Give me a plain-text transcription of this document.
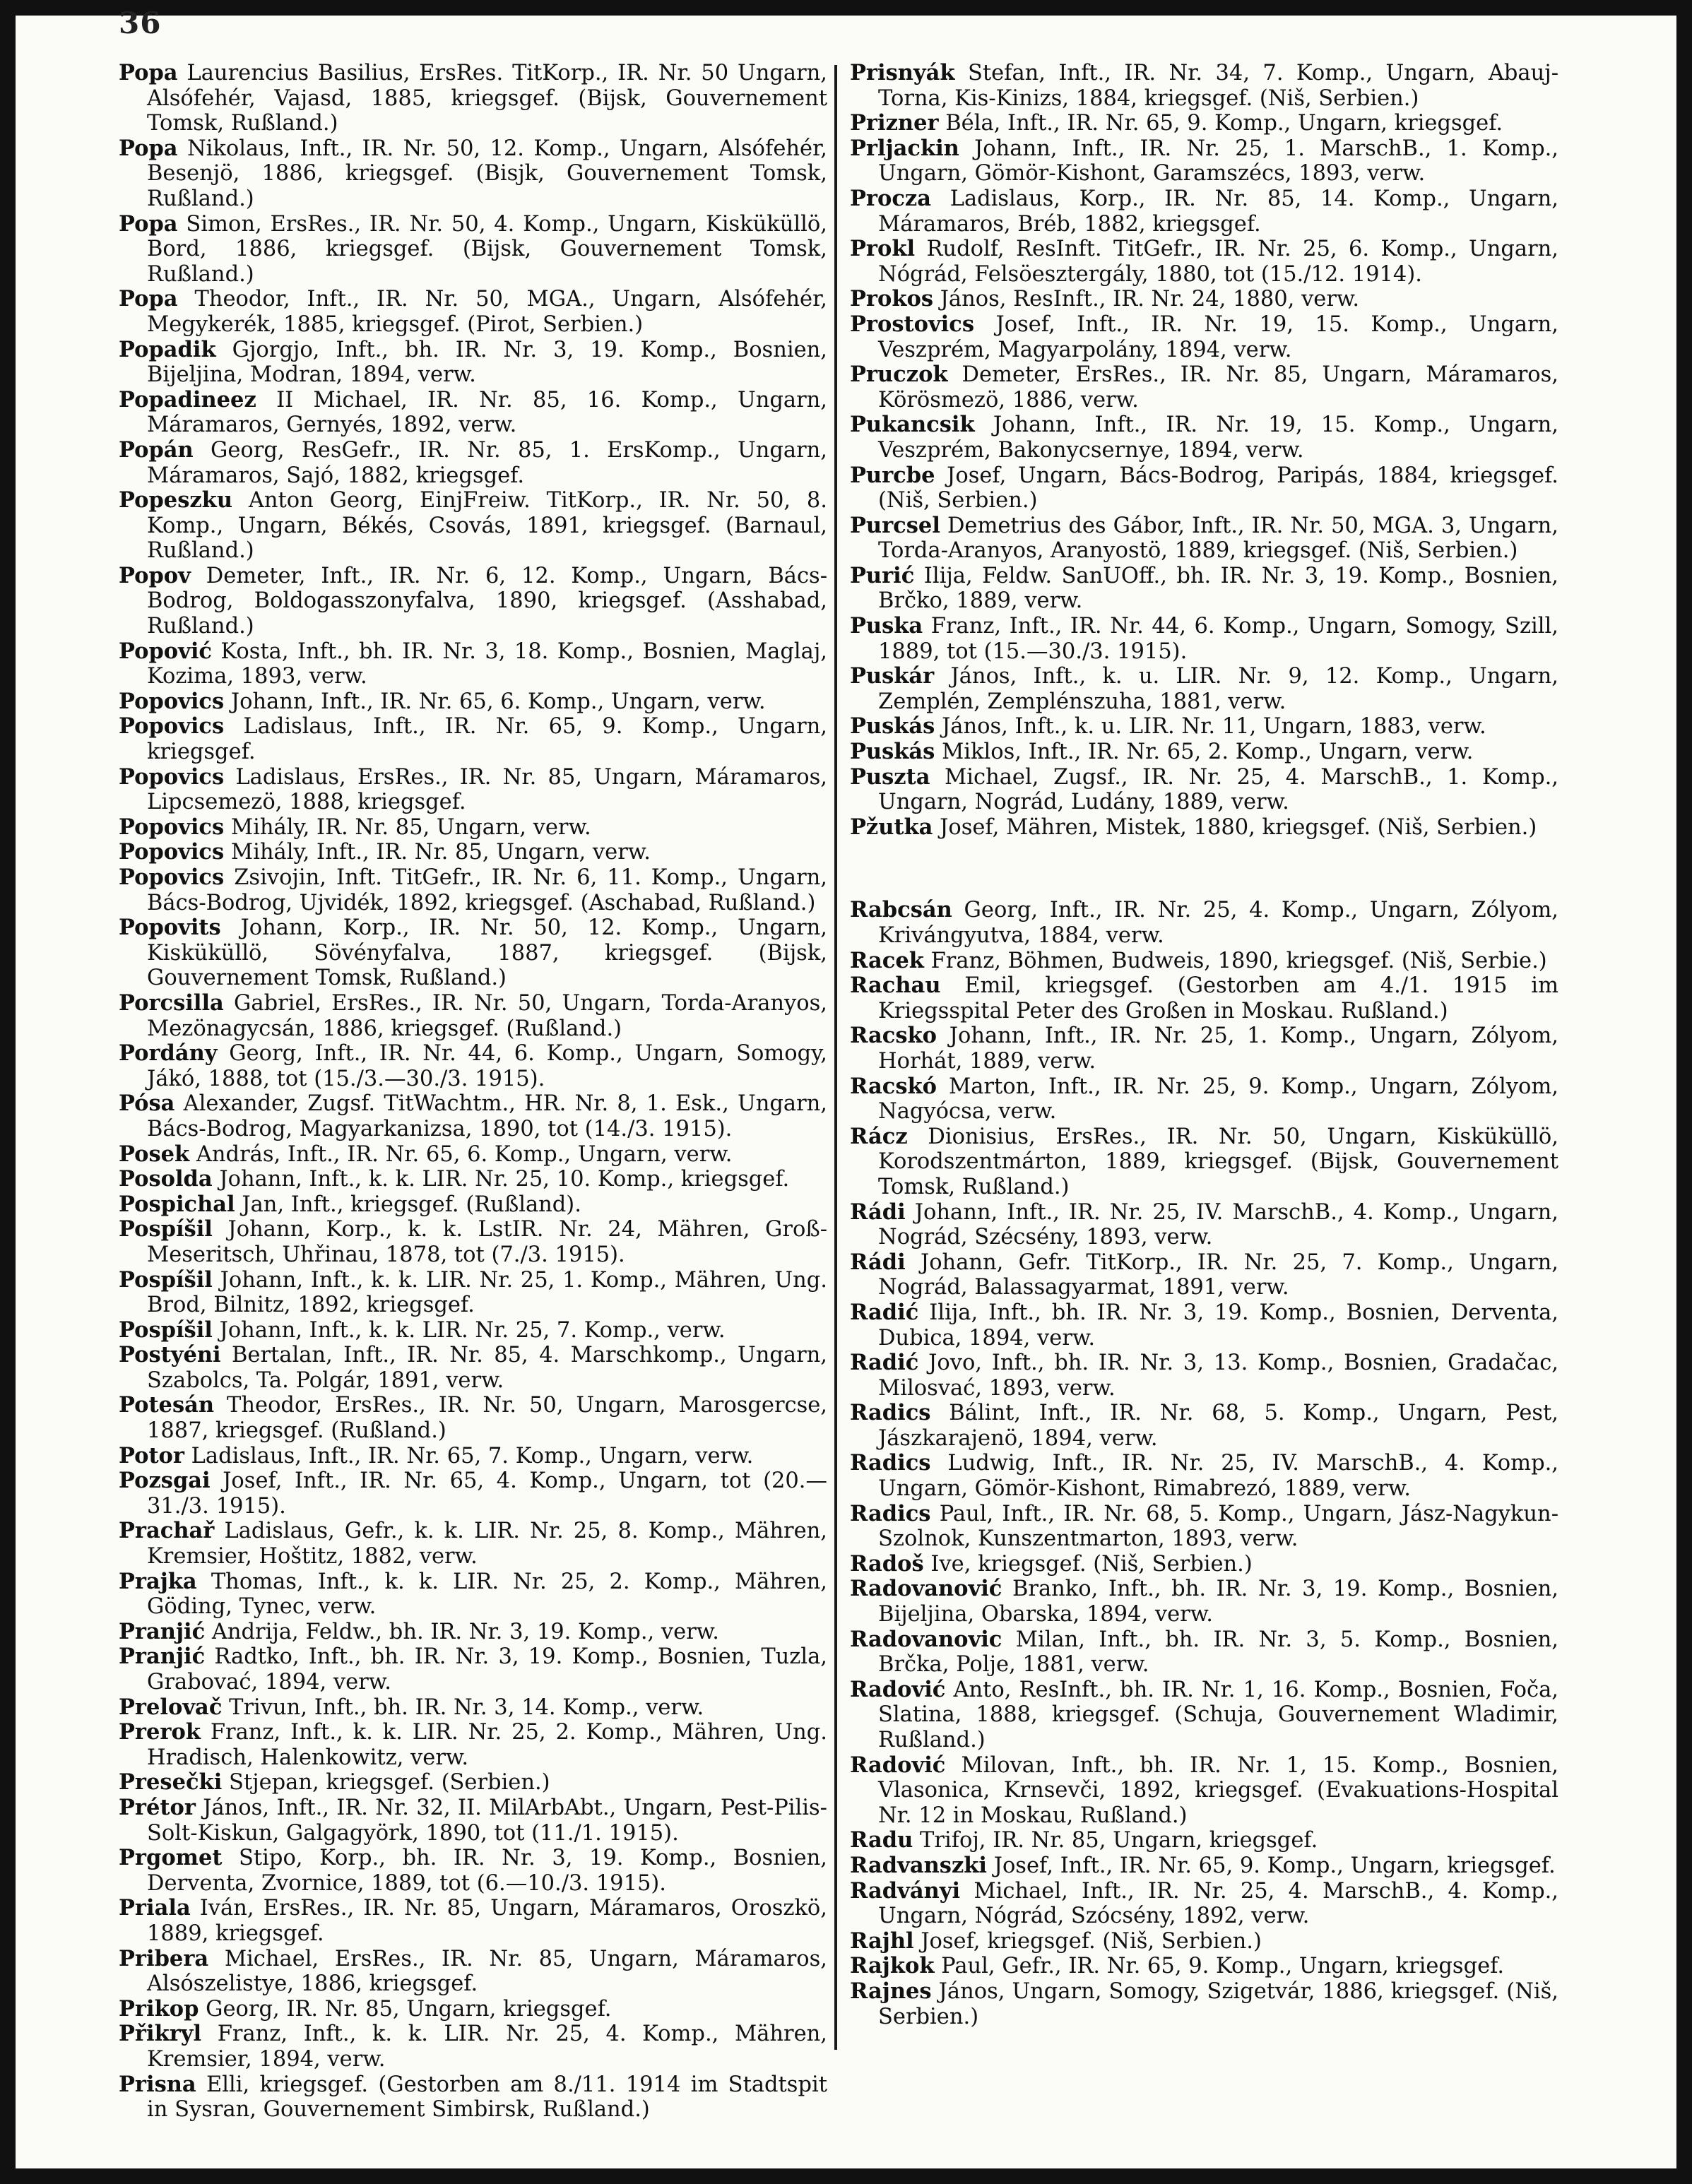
36

Popa Laurencius Basilius, ErsRes. TitKorp., IR. Nr. 50 Ungarn, Alsófehér, Vajasd, 1885, kriegsgef. (Bijsk, Gouvernement Tomsk, Rußland.)

Popa Nikolaus, Inft., IR. Nr. 50, 12. Komp., Ungarn, Alsófehér, Besenjö, 1886, kriegsgef. (Bisjk, Gouvernement Tomsk, Rußland.)

Popa Simon, ErsRes., IR. Nr. 50, 4. Komp., Ungarn, Kisküküllö, Bord, 1886, kriegsgef. (Bijsk, Gouvernement Tomsk, Rußland.)

Popa Theodor, Inft., IR. Nr. 50, MGA., Ungarn, Alsófehér, Megykerék, 1885, kriegsgef. (Pirot, Serbien.)

Popadik Gjorgjo, Inft., bh. IR. Nr. 3, 19. Komp., Bosnien, Bijeljina, Modran, 1894, verw.

Popadineez II Michael, IR. Nr. 85, 16. Komp., Ungarn, Máramaros, Gernyés, 1892, verw.

Popán Georg, ResGefr., IR. Nr. 85, 1. ErsKomp., Ungarn, Máramaros, Sajó, 1882, kriegsgef.

Popeszku Anton Georg, EinjFreiw. TitKorp., IR. Nr. 50, 8. Komp., Ungarn, Békés, Csovás, 1891, kriegsgef. (Barnaul, Rußland.)

Popov Demeter, Inft., IR. Nr. 6, 12. Komp., Ungarn, Bács-Bodrog, Boldogasszonyfalva, 1890, kriegsgef. (Asshabad, Rußland.)

Popović Kosta, Inft., bh. IR. Nr. 3, 18. Komp., Bosnien, Maglaj, Kozima, 1893, verw.

Popovics Johann, Inft., IR. Nr. 65, 6. Komp., Ungarn, verw.

Popovics Ladislaus, Inft., IR. Nr. 65, 9. Komp., Ungarn, kriegsgef.

Popovics Ladislaus, ErsRes., IR. Nr. 85, Ungarn, Máramaros, Lipcsemezö, 1888, kriegsgef.

Popovics Mihály, IR. Nr. 85, Ungarn, verw.

Popovics Mihály, Inft., IR. Nr. 85, Ungarn, verw.

Popovics Zsivojin, Inft. TitGefr., IR. Nr. 6, 11. Komp., Ungarn, Bács-Bodrog, Ujvidék, 1892, kriegsgef. (Aschabad, Rußland.)

Popovits Johann, Korp., IR. Nr. 50, 12. Komp., Ungarn, Kisküküllö, Sövényfalva, 1887, kriegsgef. (Bijsk, Gouvernement Tomsk, Rußland.)

Porcsilla Gabriel, ErsRes., IR. Nr. 50, Ungarn, Torda-Aranyos, Mezönagycsán, 1886, kriegsgef. (Rußland.)

Pordány Georg, Inft., IR. Nr. 44, 6. Komp., Ungarn, Somogy, Jákó, 1888, tot (15./3.—30./3. 1915).

Pósa Alexander, Zugsf. TitWachtm., HR. Nr. 8, 1. Esk., Ungarn, Bács-Bodrog, Magyarkanizsa, 1890, tot (14./3. 1915).

Posek András, Inft., IR. Nr. 65, 6. Komp., Ungarn, verw.

Posolda Johann, Inft., k. k. LIR. Nr. 25, 10. Komp., kriegsgef.

Pospichal Jan, Inft., kriegsgef. (Rußland).

Pospíšil Johann, Korp., k. k. LstIR. Nr. 24, Mähren, Groß-Meseritsch, Uhřinau, 1878, tot (7./3. 1915).

Pospíšil Johann, Inft., k. k. LIR. Nr. 25, 1. Komp., Mähren, Ung. Brod, Bilnitz, 1892, kriegsgef.

Pospíšil Johann, Inft., k. k. LIR. Nr. 25, 7. Komp., verw.

Postyéni Bertalan, Inft., IR. Nr. 85, 4. Marschkomp., Ungarn, Szabolcs, Ta. Polgár, 1891, verw.

Potesán Theodor, ErsRes., IR. Nr. 50, Ungarn, Marosgercse, 1887, kriegsgef. (Rußland.)

Potor Ladislaus, Inft., IR. Nr. 65, 7. Komp., Ungarn, verw.

Pozsgai Josef, Inft., IR. Nr. 65, 4. Komp., Ungarn, tot (20.—31./3. 1915).

Prachař Ladislaus, Gefr., k. k. LIR. Nr. 25, 8. Komp., Mähren, Kremsier, Hoštitz, 1882, verw.

Prajka Thomas, Inft., k. k. LIR. Nr. 25, 2. Komp., Mähren, Göding, Tynec, verw.

Pranjić Andrija, Feldw., bh. IR. Nr. 3, 19. Komp., verw.

Pranjić Radtko, Inft., bh. IR. Nr. 3, 19. Komp., Bosnien, Tuzla, Grabovać, 1894, verw.

Prelovač Trivun, Inft., bh. IR. Nr. 3, 14. Komp., verw.

Prerok Franz, Inft., k. k. LIR. Nr. 25, 2. Komp., Mähren, Ung. Hradisch, Halenkowitz, verw.

Presečki Stjepan, kriegsgef. (Serbien.)

Prétor János, Inft., IR. Nr. 32, II. MilArbAbt., Ungarn, Pest-Pilis-Solt-Kiskun, Galgagyörk, 1890, tot (11./1. 1915).

Prgomet Stipo, Korp., bh. IR. Nr. 3, 19. Komp., Bosnien, Derventa, Zvornice, 1889, tot (6.—10./3. 1915).

Priala Iván, ErsRes., IR. Nr. 85, Ungarn, Máramaros, Oroszkö, 1889, kriegsgef.

Pribera Michael, ErsRes., IR. Nr. 85, Ungarn, Máramaros, Alsószelistye, 1886, kriegsgef.

Prikop Georg, IR. Nr. 85, Ungarn, kriegsgef.

Přikryl Franz, Inft., k. k. LIR. Nr. 25, 4. Komp., Mähren, Kremsier, 1894, verw.

Prisna Elli, kriegsgef. (Gestorben am 8./11. 1914 im Stadtspit in Sysran, Gouvernement Simbirsk, Rußland.)

Prisnyák Stefan, Inft., IR. Nr. 34, 7. Komp., Ungarn, Abauj-Torna, Kis-Kinizs, 1884, kriegsgef. (Niš, Serbien.)

Prizner Béla, Inft., IR. Nr. 65, 9. Komp., Ungarn, kriegsgef.

Prljackin Johann, Inft., IR. Nr. 25, 1. MarschB., 1. Komp., Ungarn, Gömör-Kishont, Garamszécs, 1893, verw.

Procza Ladislaus, Korp., IR. Nr. 85, 14. Komp., Ungarn, Máramaros, Bréb, 1882, kriegsgef.

Prokl Rudolf, ResInft. TitGefr., IR. Nr. 25, 6. Komp., Ungarn, Nógrád, Felsöesztergály, 1880, tot (15./12. 1914).

Prokos János, ResInft., IR. Nr. 24, 1880, verw.

Prostovics Josef, Inft., IR. Nr. 19, 15. Komp., Ungarn, Veszprém, Magyarpolány, 1894, verw.

Pruczok Demeter, ErsRes., IR. Nr. 85, Ungarn, Máramaros, Körösmezö, 1886, verw.

Pukancsik Johann, Inft., IR. Nr. 19, 15. Komp., Ungarn, Veszprém, Bakonycsernye, 1894, verw.

Purcbe Josef, Ungarn, Bács-Bodrog, Paripás, 1884, kriegsgef. (Niš, Serbien.)

Purcsel Demetrius des Gábor, Inft., IR. Nr. 50, MGA. 3, Ungarn, Torda-Aranyos, Aranyostö, 1889, kriegsgef. (Niš, Serbien.)

Purić Ilija, Feldw. SanUOff., bh. IR. Nr. 3, 19. Komp., Bosnien, Brčko, 1889, verw.

Puska Franz, Inft., IR. Nr. 44, 6. Komp., Ungarn, Somogy, Szill, 1889, tot (15.—30./3. 1915).

Puskár János, Inft., k. u. LIR. Nr. 9, 12. Komp., Ungarn, Zemplén, Zemplénszuha, 1881, verw.

Puskás János, Inft., k. u. LIR. Nr. 11, Ungarn, 1883, verw.

Puskás Miklos, Inft., IR. Nr. 65, 2. Komp., Ungarn, verw.

Puszta Michael, Zugsf., IR. Nr. 25, 4. MarschB., 1. Komp., Ungarn, Nográd, Ludány, 1889, verw.

Pžutka Josef, Mähren, Mistek, 1880, kriegsgef. (Niš, Serbien.)

Rabcsán Georg, Inft., IR. Nr. 25, 4. Komp., Ungarn, Zólyom, Krivángyutva, 1884, verw.

Racek Franz, Böhmen, Budweis, 1890, kriegsgef. (Niš, Serbie.)

Rachau Emil, kriegsgef. (Gestorben am 4./1. 1915 im Kriegsspital Peter des Großen in Moskau. Rußland.)

Racsko Johann, Inft., IR. Nr. 25, 1. Komp., Ungarn, Zólyom, Horhát, 1889, verw.

Racskó Marton, Inft., IR. Nr. 25, 9. Komp., Ungarn, Zólyom, Nagyócsa, verw.

Rácz Dionisius, ErsRes., IR. Nr. 50, Ungarn, Kisküküllö, Korodszentmárton, 1889, kriegsgef. (Bijsk, Gouvernement Tomsk, Rußland.)

Rádi Johann, Inft., IR. Nr. 25, IV. MarschB., 4. Komp., Ungarn, Nográd, Szécsény, 1893, verw.

Rádi Johann, Gefr. TitKorp., IR. Nr. 25, 7. Komp., Ungarn, Nográd, Balassagyarmat, 1891, verw.

Radić Ilija, Inft., bh. IR. Nr. 3, 19. Komp., Bosnien, Derventa, Dubica, 1894, verw.

Radić Jovo, Inft., bh. IR. Nr. 3, 13. Komp., Bosnien, Gradačac, Milosvać, 1893, verw.

Radics Bálint, Inft., IR. Nr. 68, 5. Komp., Ungarn, Pest, Jászkarajenö, 1894, verw.

Radics Ludwig, Inft., IR. Nr. 25, IV. MarschB., 4. Komp., Ungarn, Gömör-Kishont, Rimabrezó, 1889, verw.

Radics Paul, Inft., IR. Nr. 68, 5. Komp., Ungarn, Jász-Nagykun-Szolnok, Kunszentmarton, 1893, verw.

Radoš Ive, kriegsgef. (Niš, Serbien.)

Radovanović Branko, Inft., bh. IR. Nr. 3, 19. Komp., Bosnien, Bijeljina, Obarska, 1894, verw.

Radovanovic Milan, Inft., bh. IR. Nr. 3, 5. Komp., Bosnien, Brčka, Polje, 1881, verw.

Radović Anto, ResInft., bh. IR. Nr. 1, 16. Komp., Bosnien, Foča, Slatina, 1888, kriegsgef. (Schuja, Gouvernement Wladimir, Rußland.)

Radović Milovan, Inft., bh. IR. Nr. 1, 15. Komp., Bosnien, Vlasonica, Krnsevči, 1892, kriegsgef. (Evakuations-Hospital Nr. 12 in Moskau, Rußland.)

Radu Trifoj, IR. Nr. 85, Ungarn, kriegsgef.

Radvanszki Josef, Inft., IR. Nr. 65, 9. Komp., Ungarn, kriegsgef.

Radványi Michael, Inft., IR. Nr. 25, 4. MarschB., 4. Komp., Ungarn, Nógrád, Szócsény, 1892, verw.

Rajhl Josef, kriegsgef. (Niš, Serbien.)

Rajkok Paul, Gefr., IR. Nr. 65, 9. Komp., Ungarn, kriegsgef.

Rajnes János, Ungarn, Somogy, Szigetvár, 1886, kriegsgef. (Niš, Serbien.)
